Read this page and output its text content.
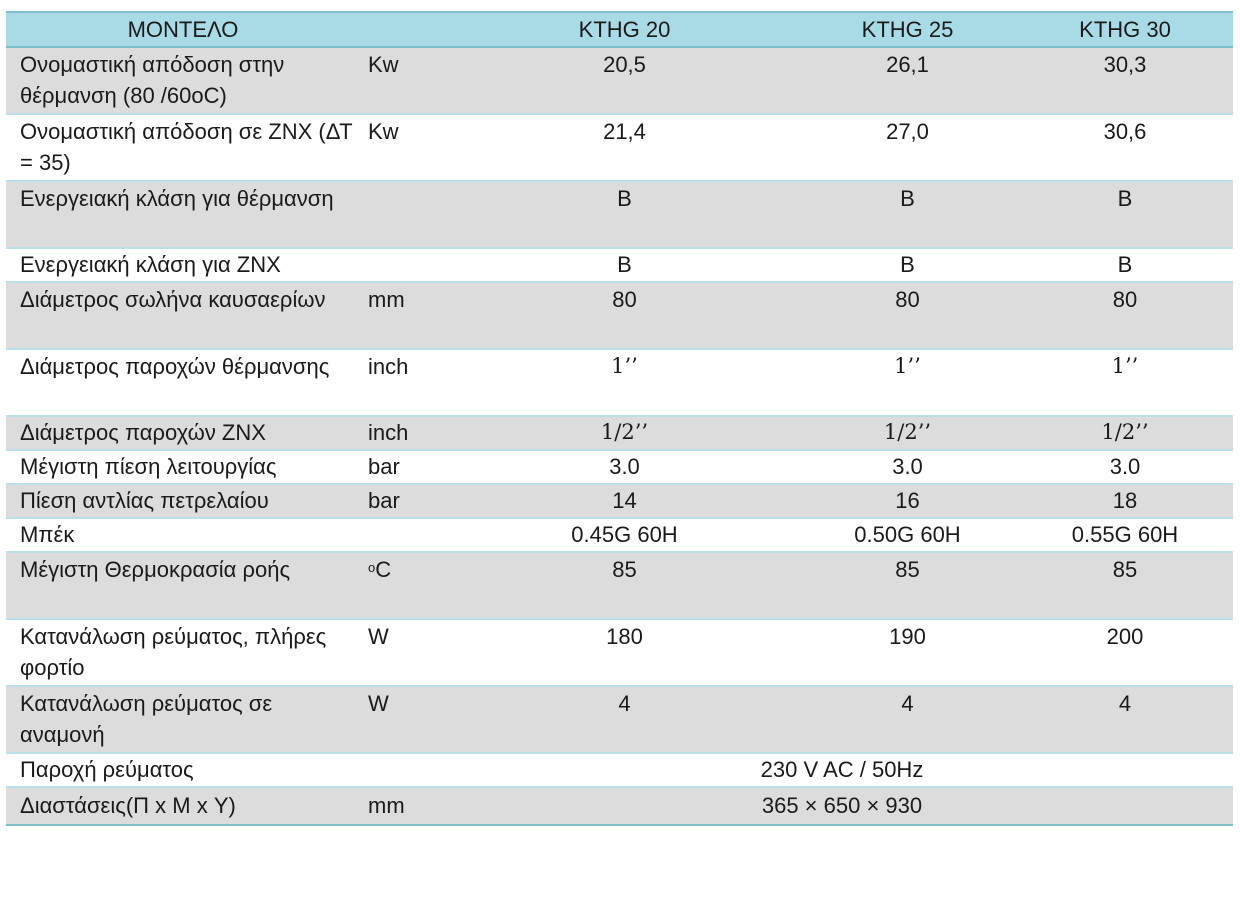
ΜΟΝΤΕΛΟ		KTHG 20	KTHG 25	KTHG 30
Ονομαστική απόδοση στην θέρμανση (80 /60oC)	Kw	20,5	26,1	30,3
Ονομαστική απόδοση σε ZNX (ΔΤ = 35)	Kw	21,4	27,0	30,6
Ενεργειακή κλάση για θέρμανση		B	B	B
Ενεργειακή κλάση για ZNX		B	B	B
Διάμετρος σωλήνα καυσαερίων	mm	80	80	80
Διάμετρος παροχών θέρμανσης	inch	1’’	1’’	1’’
Διάμετρος παροχών ZNX	inch	1/2’’	1/2’’	1/2’’
Μέγιστη πίεση λειτουργίας	bar	3.0	3.0	3.0
Πίεση αντλίας πετρελαίου	bar	14	16	18
Μπέκ		0.45G 60H	0.50G 60H	0.55G 60H
Μέγιστη Θερμοκρασία ροής	$^o$C	85	85	85
Κατανάλωση ρεύματος, πλήρες φορτίο	W	180	190	200
Κατανάλωση ρεύματος σε αναμονή	W	4	4	4
Παροχή ρεύματος		230 V AC / 50Hz		
Διαστάσεις(Π x Μ x Υ)	mm	365 × 650 × 930		
